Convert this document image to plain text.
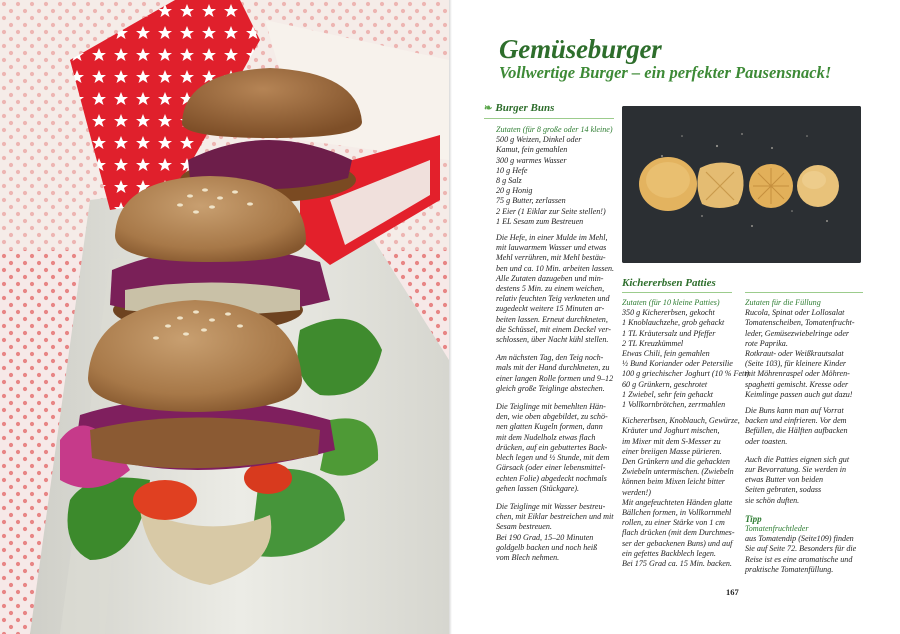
Gemüseburger
Vollwertige Burger – ein perfekter Pausensnack!
❧ Burger Buns
Zutaten (für 8 große oder 14 kleine)
500 g Weizen, Dinkel oder
Kamut, fein gemahlen
300 g warmes Wasser
10 g Hefe
8 g Salz
20 g Honig
75 g Butter, zerlassen
2 Eier (1 Eiklar zur Seite stellen!)
1 EL Sesam zum Bestreuen

Die Hefe, in einer Mulde im Mehl,
mit lauwarmem Wasser und etwas
Mehl verrühren, mit Mehl bestäu-
ben und ca. 10 Min. arbeiten lassen.
Alle Zutaten dazugeben und min-
destens 5 Min. zu einem weichen,
relativ feuchten Teig verkneten und
zugedeckt weitere 15 Minuten ar-
beiten lassen. Erneut durchkneten,
die Schüssel, mit einem Deckel ver-
schlossen, über Nacht kühl stellen.

Am nächsten Tag, den Teig noch-
mals mit der Hand durchkneten, zu
einer langen Rolle formen und 9–12
gleich große Teiglinge abstechen.

Die Teiglinge mit bemehlten Hän-
den, wie oben abgebildet, zu schö-
nen glatten Kugeln formen, dann
mit dem Nudelholz etwas flach
drücken, auf ein gebuttertes Back-
blech legen und ½ Stunde, mit dem
Gärsack (oder einer lebensmittel-
echten Folie) abgedeckt nochmals
gehen lassen (Stückgare).

Die Teiglinge mit Wasser bestreu-
chen, mit Eiklar bestreichen und mit
Sesam bestreuen.
Bei 190 Grad, 15–20 Minuten
goldgelb backen und noch heiß
vom Blech nehmen.

Kichererbsen Patties
Zutaten (für 10 kleine Patties)
350 g Kichererbsen, gekocht
1 Knoblauchzehe, grob gehackt
1 TL Kräutersalz und Pfeffer
2 TL Kreuzkümmel
Etwas Chili, fein gemahlen
½ Bund Koriander oder Petersilie
100 g griechischer Joghurt (10 % Fett)
60 g Grünkern, geschrotet
1 Zwiebel, sehr fein gehackt
1 Vollkornbrötchen, zerrmahlen

Kichererbsen, Knoblauch, Gewürze,
Kräuter und Joghurt mischen,
im Mixer mit dem S-Messer zu
einer breiigen Masse pürieren.
Den Grünkern und die gehackten
Zwiebeln untermischen. (Zwiebeln
können beim Mixen leicht bitter
werden!)
Mit angefeuchteten Händen glatte
Bällchen formen, in Vollkornmehl
rollen, zu einer Stärke von 1 cm
flach drücken (mit dem Durchmes-
ser der gebackenen Buns) und auf
ein gefettes Backblech legen.
Bei 175 Grad ca. 15 Min. backen.

Zutaten für die Füllung
Rucola, Spinat oder Lollosalat
Tomatenscheiben, Tomatenfrucht-
leder, Gemüsezwiebelringe oder
rote Paprika.
Rotkraut- oder Weißkrautsalat
(Seite 103), für kleinere Kinder
mit Möhrenraspel oder Möhren-
spaghetti gemischt. Kresse oder
Keimlinge passen auch gut dazu!

Die Buns kann man auf Vorrat
backen und einfrieren. Vor dem
Befüllen, die Hälften aufbacken
oder toasten.

Auch die Patties eignen sich gut
zur Bevorratung. Sie werden in
etwas Butter von beiden
Seiten gebraten, sodass
sie schön duften.

Tipp
Tomatenfruchtleder
aus Tomatendip (Seite109) finden
Sie auf Seite 72. Besonders für die
Reise ist es eine aromatische und
praktische Tomatenfüllung.
167
